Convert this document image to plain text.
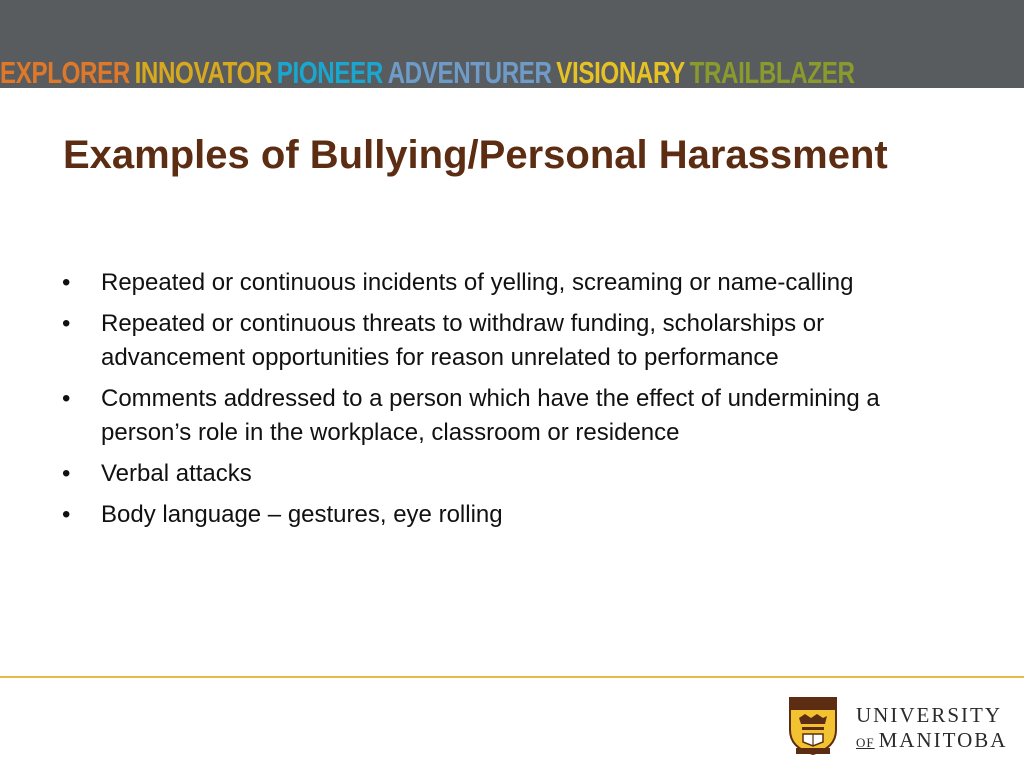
EXPLORER INNOVATOR PIONEER ADVENTURER VISIONARY TRAILBLAZER
Examples of Bullying/Personal Harassment
• Repeated or continuous incidents of yelling, screaming or name-calling
• Repeated or continuous threats to withdraw funding, scholarships or advancement opportunities for reason unrelated to performance
• Comments addressed to a person which have the effect of undermining a person’s role in the workplace, classroom or residence
• Verbal attacks
• Body language – gestures, eye rolling
UNIVERSITY
OF MANITOBA
